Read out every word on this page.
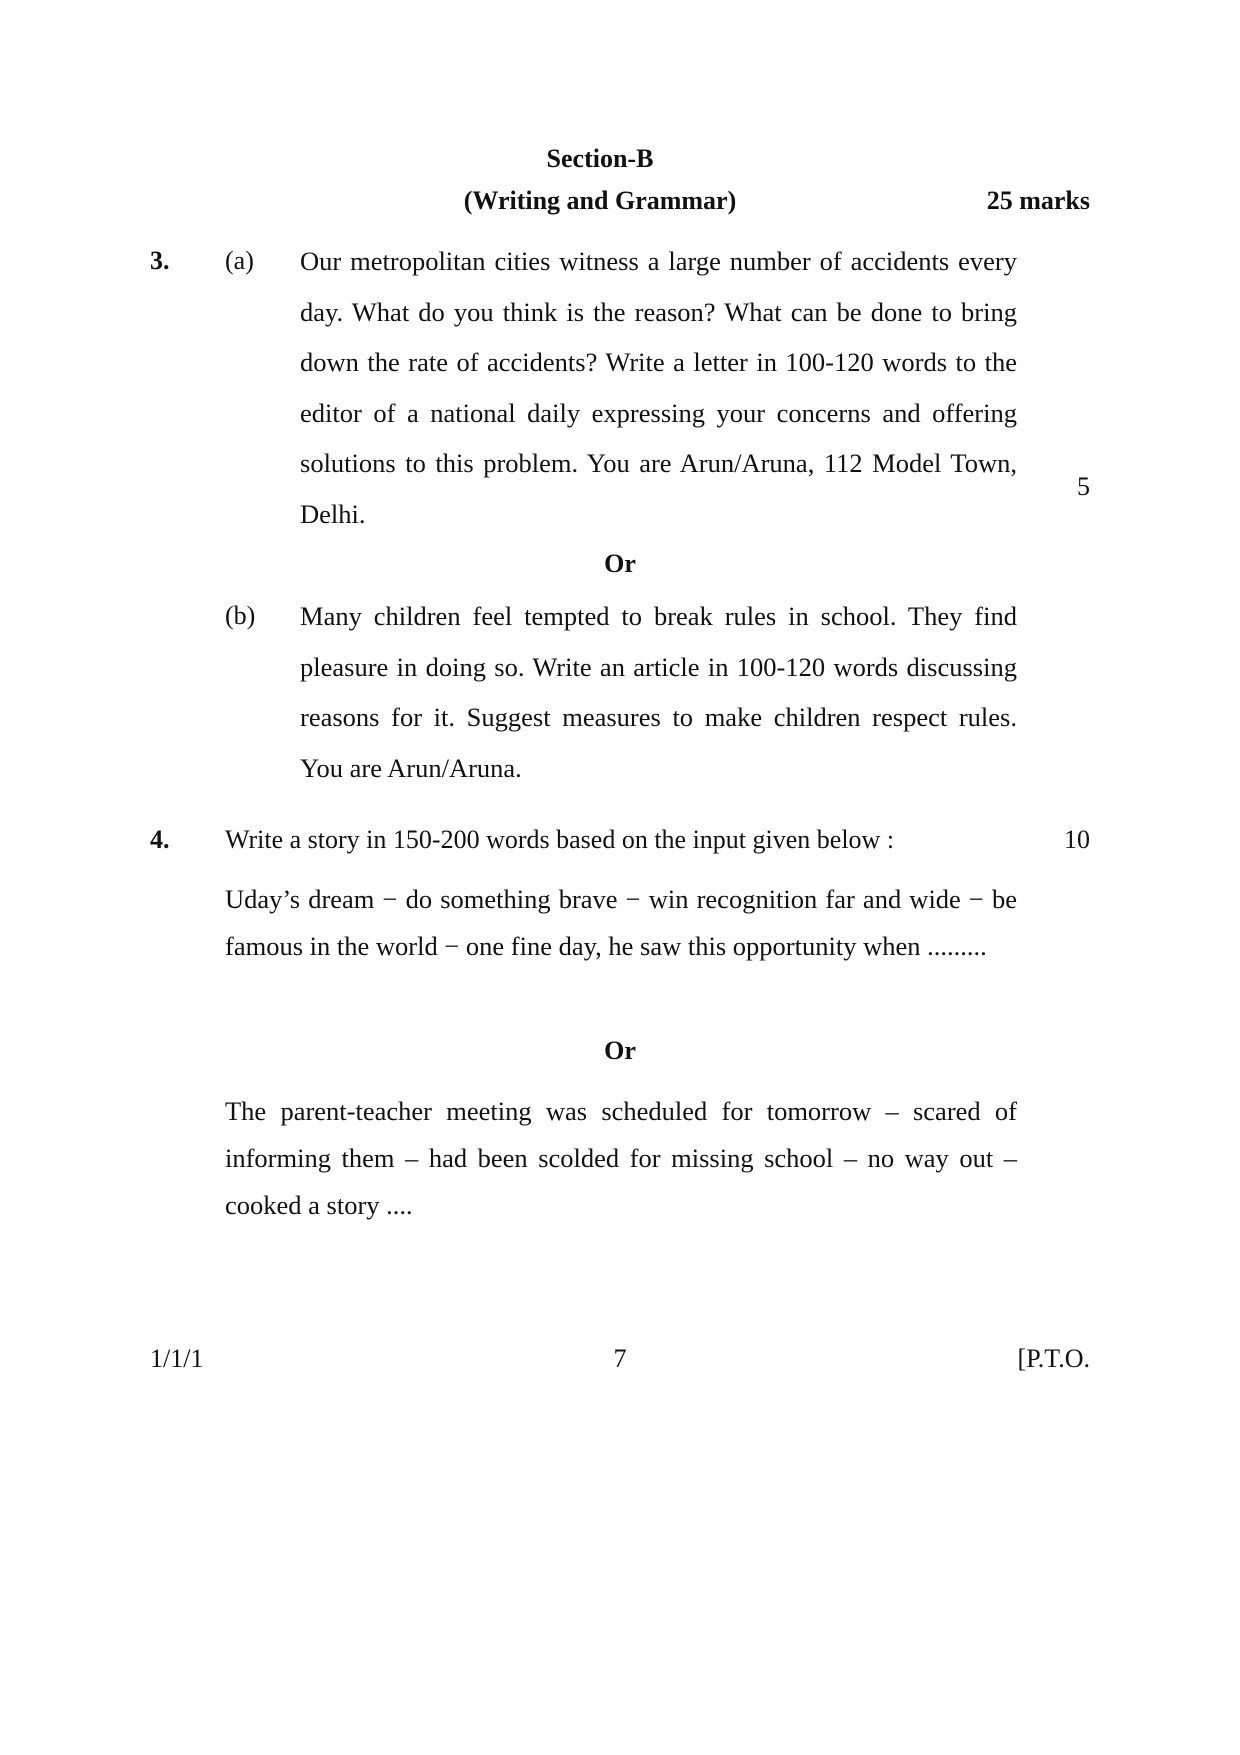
Section-B
(Writing and Grammar)	25 marks
3. (a) Our metropolitan cities witness a large number of accidents every day. What do you think is the reason? What can be done to bring down the rate of accidents? Write a letter in 100-120 words to the editor of a national daily expressing your concerns and offering solutions to this problem. You are Arun/Aruna, 112 Model Town, Delhi.
5
Or
(b) Many children feel tempted to break rules in school. They find pleasure in doing so. Write an article in 100-120 words discussing reasons for it. Suggest measures to make children respect rules. You are Arun/Aruna.
4. Write a story in 150-200 words based on the input given below :	10
Uday’s dream − do something brave − win recognition far and wide − be famous in the world − one fine day, he saw this opportunity when .........
Or
The parent-teacher meeting was scheduled for tomorrow – scared of informing them – had been scolded for missing school – no way out – cooked a story ....
1/1/1	7	[P.T.O.
